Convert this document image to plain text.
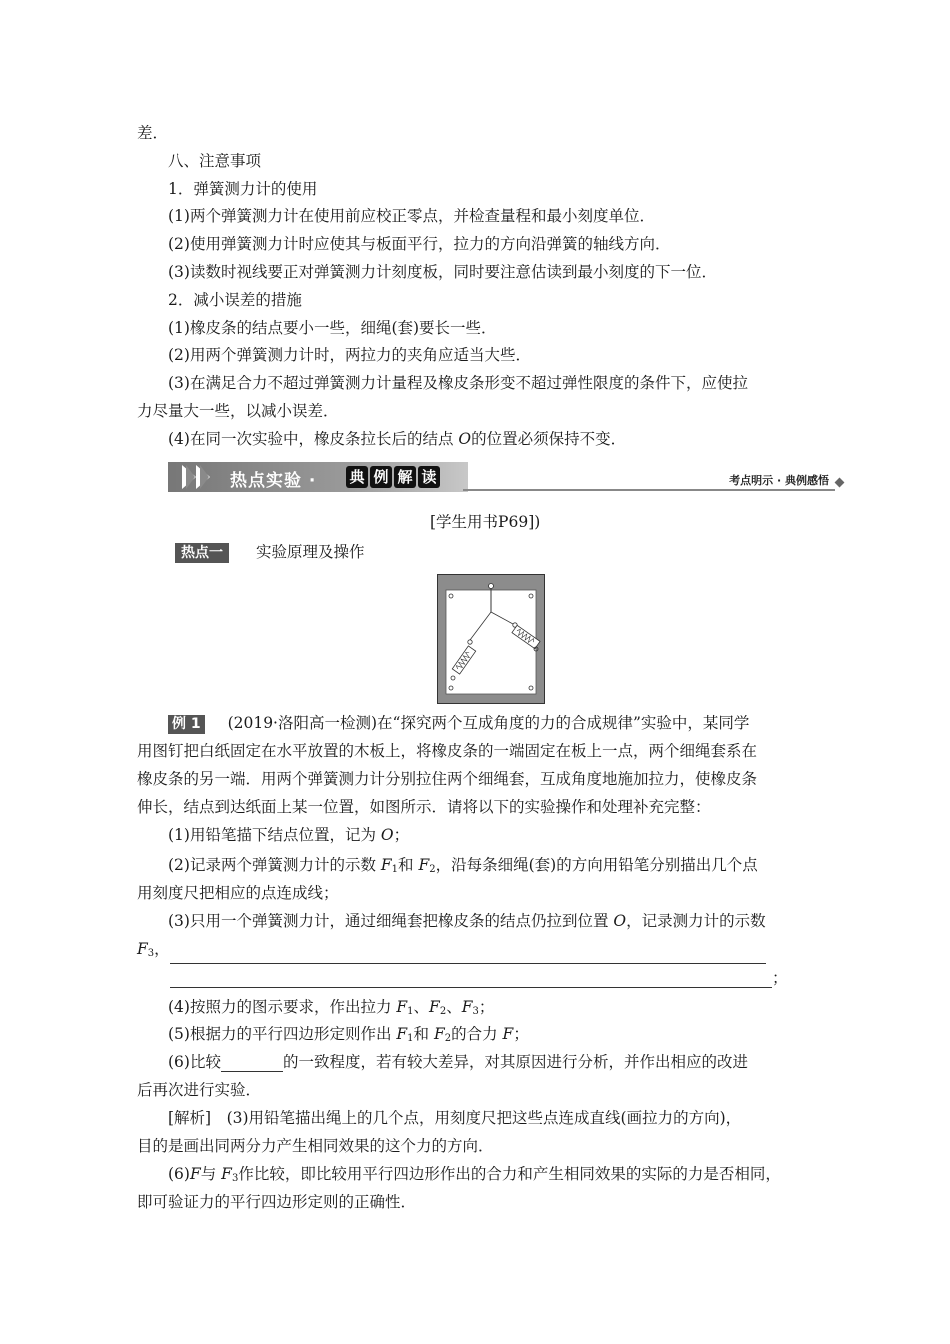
差．
八、注意事项
1．弹簧测力计的使用
(1)两个弹簧测力计在使用前应校正零点，并检查量程和最小刻度单位．
(2)使用弹簧测力计时应使其与板面平行，拉力的方向沿弹簧的轴线方向．
(3)读数时视线要正对弹簧测力计刻度板，同时要注意估读到最小刻度的下一位．
2．减小误差的措施
(1)橡皮条的结点要小一些，细绳(套)要长一些．
(2)用两个弹簧测力计时，两拉力的夹角应适当大些．
(3)在满足合力不超过弹簧测力计量程及橡皮条形变不超过弹性限度的条件下，应使拉
力尽量大一些，以减小误差．
(4)在同一次实验中，橡皮条拉长后的结点 O的位置必须保持不变．
热点实验 · 典 例 解 读	考点明示 · 典例感悟
[学生用书P69])
热点一 实验原理及操作
例 1 (2019·洛阳高一检测)在“探究两个互成角度的力的合成规律”实验中，某同学
用图钉把白纸固定在水平放置的木板上，将橡皮条的一端固定在板上一点，两个细绳套系在
橡皮条的另一端．用两个弹簧测力计分别拉住两个细绳套，互成角度地施加拉力，使橡皮条
伸长，结点到达纸面上某一位置，如图所示．请将以下的实验操作和处理补充完整：
(1)用铅笔描下结点位置，记为 O；
(2)记录两个弹簧测力计的示数 $F_1$和 $F_2$，沿每条细绳(套)的方向用铅笔分别描出几个点
用刻度尺把相应的点连成线；
(3)只用一个弹簧测力计，通过细绳套把橡皮条的结点仍拉到位置 O，记录测力计的示数
$F_3$，
；
(4)按照力的图示要求，作出拉力 $F_1$、$F_2$、$F_3$；
(5)根据力的平行四边形定则作出 $F_1$和 $F_2$的合力 F；
(6)比较	的一致程度，若有较大差异，对其原因进行分析，并作出相应的改进
后再次进行实验．
[解析]　(3)用铅笔描出绳上的几个点，用刻度尺把这些点连成直线(画拉力的方向)，
目的是画出同两分力产生相同效果的这个力的方向．
(6)F与 $F_3$作比较，即比较用平行四边形作出的合力和产生相同效果的实际的力是否相同，
即可验证力的平行四边形定则的正确性．
